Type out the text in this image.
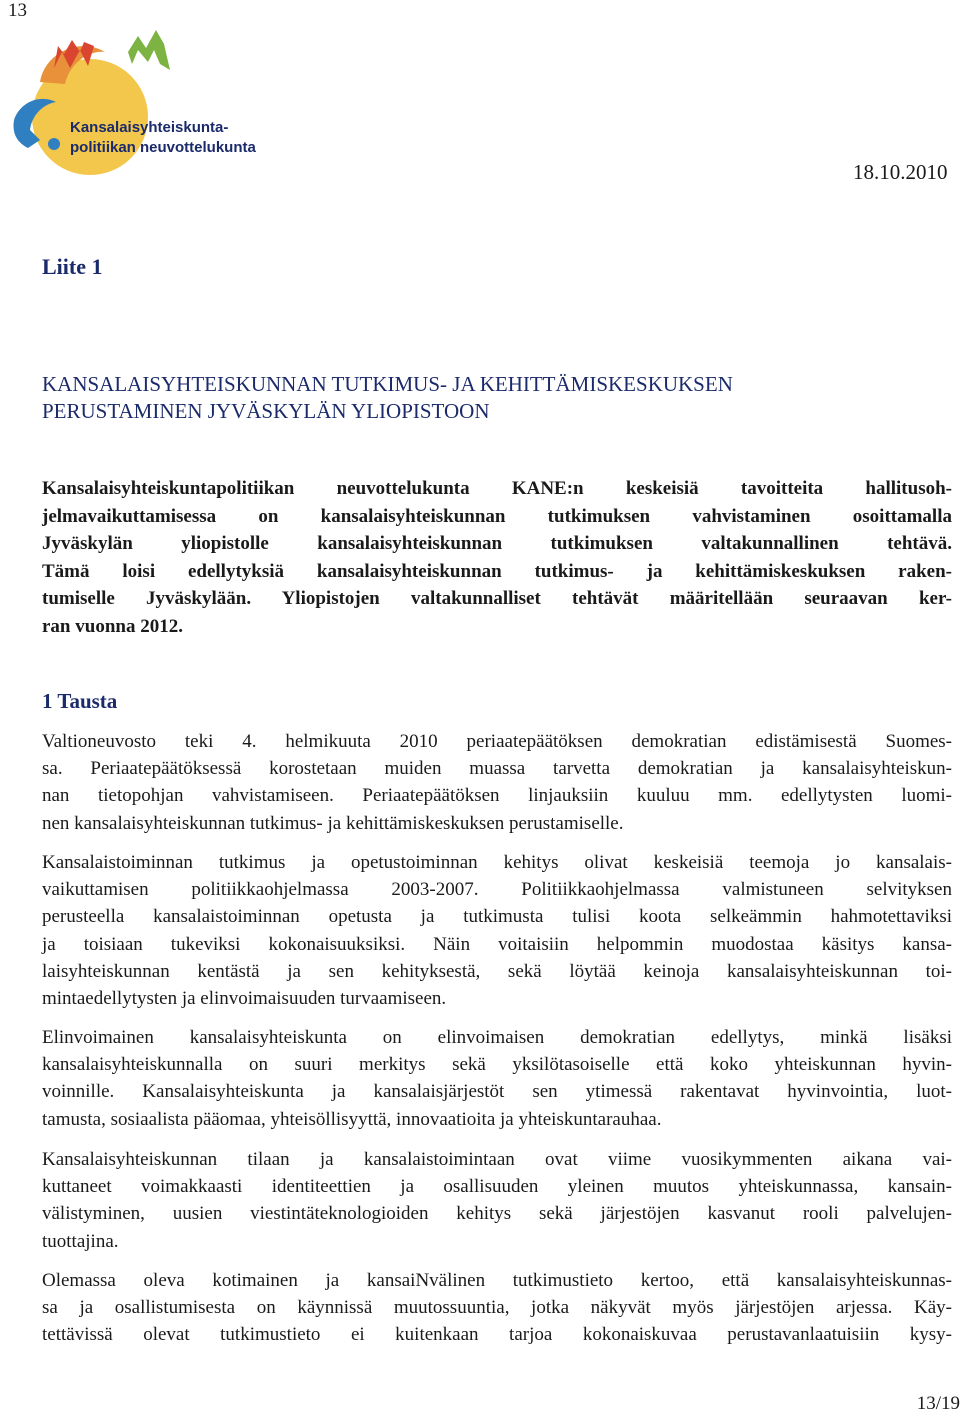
13
Kansalaisyhteiskunta-
politiikan neuvottelukunta
18.10.2010
Liite 1
KANSALAISYHTEISKUNNAN TUTKIMUS- JA KEHITTÄMISKESKUKSEN
PERUSTAMINEN JYVÄSKYLÄN YLIOPISTOON
Kansalaisyhteiskuntapolitiikan neuvottelukunta KANE:n keskeisiä tavoitteita hallitusoh-
jelmavaikuttamisessa on kansalaisyhteiskunnan tutkimuksen vahvistaminen osoittamalla
Jyväskylän yliopistolle kansalaisyhteiskunnan tutkimuksen valtakunnallinen tehtävä.
Tämä loisi edellytyksiä kansalaisyhteiskunnan tutkimus- ja kehittämiskeskuksen raken-
tumiselle Jyväskylään. Yliopistojen valtakunnalliset tehtävät määritellään seuraavan ker-
ran vuonna 2012.
1 Tausta
Valtioneuvosto teki 4. helmikuuta 2010 periaatepäätöksen demokratian edistämisestä Suomes-
sa. Periaatepäätöksessä korostetaan muiden muassa tarvetta demokratian ja kansalaisyhteiskun-
nan tietopohjan vahvistamiseen. Periaatepäätöksen linjauksiin kuuluu mm. edellytysten luomi-
nen kansalaisyhteiskunnan tutkimus- ja kehittämiskeskuksen perustamiselle.
Kansalaistoiminnan tutkimus ja opetustoiminnan kehitys olivat keskeisiä teemoja jo kansalais-
vaikuttamisen politiikkaohjelmassa 2003-2007. Politiikkaohjelmassa valmistuneen selvityksen
perusteella kansalaistoiminnan opetusta ja tutkimusta tulisi koota selkeämmin hahmotettaviksi
ja toisiaan tukeviksi kokonaisuuksiksi. Näin voitaisiin helpommin muodostaa käsitys kansa-
laisyhteiskunnan kentästä ja sen kehityksestä, sekä löytää keinoja kansalaisyhteiskunnan toi-
mintaedellytysten ja elinvoimaisuuden turvaamiseen.
Elinvoimainen kansalaisyhteiskunta on elinvoimaisen demokratian edellytys, minkä lisäksi
kansalaisyhteiskunnalla on suuri merkitys sekä yksilötasoiselle että koko yhteiskunnan hyvin-
voinnille. Kansalaisyhteiskunta ja kansalaisjärjestöt sen ytimessä rakentavat hyvinvointia, luot-
tamusta, sosiaalista pääomaa, yhteisöllisyyttä, innovaatioita ja yhteiskuntarauhaa.
Kansalaisyhteiskunnan tilaan ja kansalaistoimintaan ovat viime vuosikymmenten aikana vai-
kuttaneet voimakkaasti identiteettien ja osallisuuden yleinen muutos yhteiskunnassa, kansain-
välistyminen, uusien viestintäteknologioiden kehitys sekä järjestöjen kasvanut rooli palvelujen-
tuottajina.
Olemassa oleva kotimainen ja kansaiNvälinen tutkimustieto kertoo, että kansalaisyhteiskunnas-
sa ja osallistumisesta on käynnissä muutossuuntia, jotka näkyvät myös järjestöjen arjessa. Käy-
tettävissä olevat tutkimustieto ei kuitenkaan tarjoa kokonaiskuvaa perustavanlaatuisiin kysy-
13/19
